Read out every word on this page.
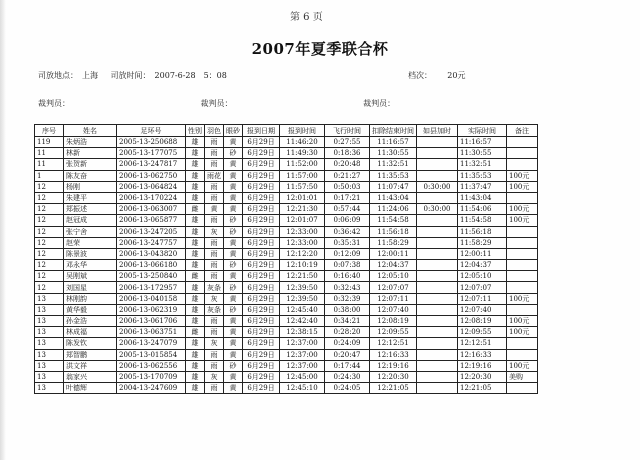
第 6 页
2007年夏季联合杯
司放地点： 上海 司放时间： 2007-6-28　5：08	档次： 20元
裁判员：	裁判员：	裁判员：
序号	姓名	足环号	性别	羽色	眼砂	报到日期	报到时间	飞行时间	扣除结束时间	如县加时	实际时间	备注
119	朱炳浩	2005-13-250688	雄	雨	黄	6月29日	11:46:20	0:27:55	11:16:57		11:16:57	
11	林新	2005-13-177075	雄	雨	砂	6月29日	11:49:30	0:18:36	11:30:55		11:30:55	
11	张贺新	2006-13-247817	雄	雨	黄	6月29日	11:52:00	0:20:48	11:32:51		11:32:51	
1	陈友奋	2006-13-062750	雄	雨花	黄	6月29日	11:57:00	0:21:27	11:35:53		11:35:53	100元
12	杨刚	2006-13-064824	雄	雨	黄	6月29日	11:57:50	0:50:03	11:07:47	0:30:00	11:37:47	100元
12	朱建平	2006-13-170224	雄	雨	黄	6月29日	12:01:01	0:17:21	11:43:04		11:43:04	
12	郑振述	2006-13-063007	雌	黄	黄	6月29日	12:21:30	0:57:44	11:24:06	0:30:00	11:54:06	100元
12	赵冠成	2006-13-065877	雄	雨	砂	6月29日	12:01:07	0:06:09	11:54:58		11:54:58	100元
12	张宁舍	2006-13-247205	雄	灰	砂	6月29日	12:33:00	0:36:42	11:56:18		11:56:18	
12	赵荣	2006-13-247757	雄	雨	黄	6月29日	12:33:00	0:35:31	11:58:29		11:58:29	
12	陈景波	2006-13-043820	雄	雨	黄	6月29日	12:12:20	0:12:09	12:00:11		12:00:11	
12	邓永华	2006-13-066180	雄	雨	砂	6月29日	12:10:19	0:07:38	12:04:37		12:04:37	
12	吴刚斌	2005-13-250840	雌	雨	黄	6月29日	12:21:50	0:16:40	12:05:10		12:05:10	
12	刘国星	2006-13-172957	雄	灰条	砂	6月29日	12:39:50	0:32:43	12:07:07		12:07:07	
13	林刚韵	2006-13-040158	雄	灰	黄	6月29日	12:39:50	0:32:39	12:07:11		12:07:11	100元
13	黄华毅	2006-13-062319	雄	灰条	砂	6月29日	12:45:40	0:38:00	12:07:40		12:07:40	
13	孙金浩	2006-13-061706	雄	雨	黄	6月29日	12:42:40	0:34:21	12:08:19		12:08:19	100元
13	林成福	2006-13-063751	雌	雨	黄	6月29日	12:38:15	0:28:20	12:09:55		12:09:55	100元
13	陈发钦	2006-13-247079	雄	灰	黄	6月29日	12:37:00	0:24:09	12:12:51		12:12:51	
13	郑智鹏	2005-13-015854	雄	雨	黄	6月29日	12:37:00	0:20:47	12:16:33		12:16:33	
13	洪文祥	2006-13-062556	雄	雨	砂	6月29日	12:37:00	0:17:44	12:19:16		12:19:16	100元
13	翁家兴	2005-13-170709	雄	灰	黄	6月29日	12:45:00	0:24:30	12:20:30		12:20:30	美购
13	叶德辉	2004-13-247609	雄	雨	黄	6月29日	12:45:10	0:24:05	12:21:05		12:21:05	
